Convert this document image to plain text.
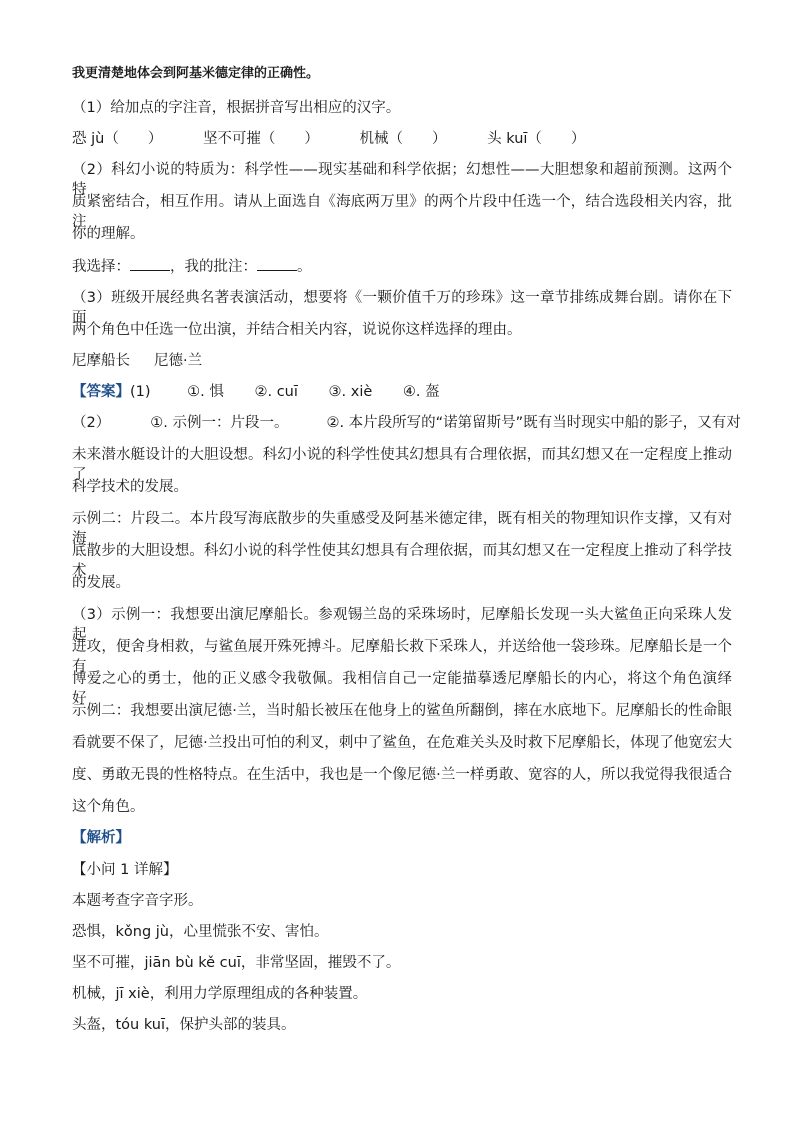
我更清楚地体会到阿基米德定律的正确性。
（1）给加点的字注音，根据拼音写出相应的汉字。
恐 jù（　　）	坚不可摧（　　）	机械（　　）	头 kuī（　　）
（2）科幻小说的特质为：科学性——现实基础和科学依据；幻想性——大胆想象和超前预测。这两个特
质紧密结合，相互作用。请从上面选自《海底两万里》的两个片段中任选一个，结合选段相关内容，批注
你的理解。
我选择：	，我的批注：	。
（3）班级开展经典名著表演活动，想要将《一颗价值千万的珍珠》这一章节排练成舞台剧。请你在下面
两个角色中任选一位出演，并结合相关内容，说说你这样选择的理由。
尼摩船长 尼德·兰
【答案】(1)	①. 惧 ②. cuī ③. xiè ④. 盔
（2）	①. 示例一：片段一。	②. 本片段所写的“诺第留斯号”既有当时现实中船的影子，又有对
未来潜水艇设计的大胆设想。科幻小说的科学性使其幻想具有合理依据，而其幻想又在一定程度上推动了
科学技术的发展。
示例二：片段二。本片段写海底散步的失重感受及阿基米德定律，既有相关的物理知识作支撑，又有对海
底散步的大胆设想。科幻小说的科学性使其幻想具有合理依据，而其幻想又在一定程度上推动了科学技术
的发展。
（3）示例一：我想要出演尼摩船长。参观锡兰岛的采珠场时，尼摩船长发现一头大鲨鱼正向采珠人发起
进攻，便舍身相救，与鲨鱼展开殊死搏斗。尼摩船长救下采珠人，并送给他一袋珍珠。尼摩船长是一个有
博爱之心的勇士，他的正义感令我敬佩。我相信自己一定能描摹透尼摩船长的内心，将这个角色演绎好。
示例二：我想要出演尼德·兰，当时船长被压在他身上的鲨鱼所翻倒，摔在水底地下。尼摩船长的性命眼
看就要不保了，尼德·兰投出可怕的利叉，刺中了鲨鱼，在危难关头及时救下尼摩船长，体现了他宽宏大
度、勇敢无畏的性格特点。在生活中，我也是一个像尼德·兰一样勇敢、宽容的人，所以我觉得我很适合
这个角色。
【解析】
【小问 1 详解】
本题考查字音字形。
恐惧，kǒng jù，心里慌张不安、害怕。
坚不可摧，jiān bù kě cuī，非常坚固，摧毁不了。
机械，jī xiè，利用力学原理组成的各种装置。
头盔，tóu kuī，保护头部的装具。
